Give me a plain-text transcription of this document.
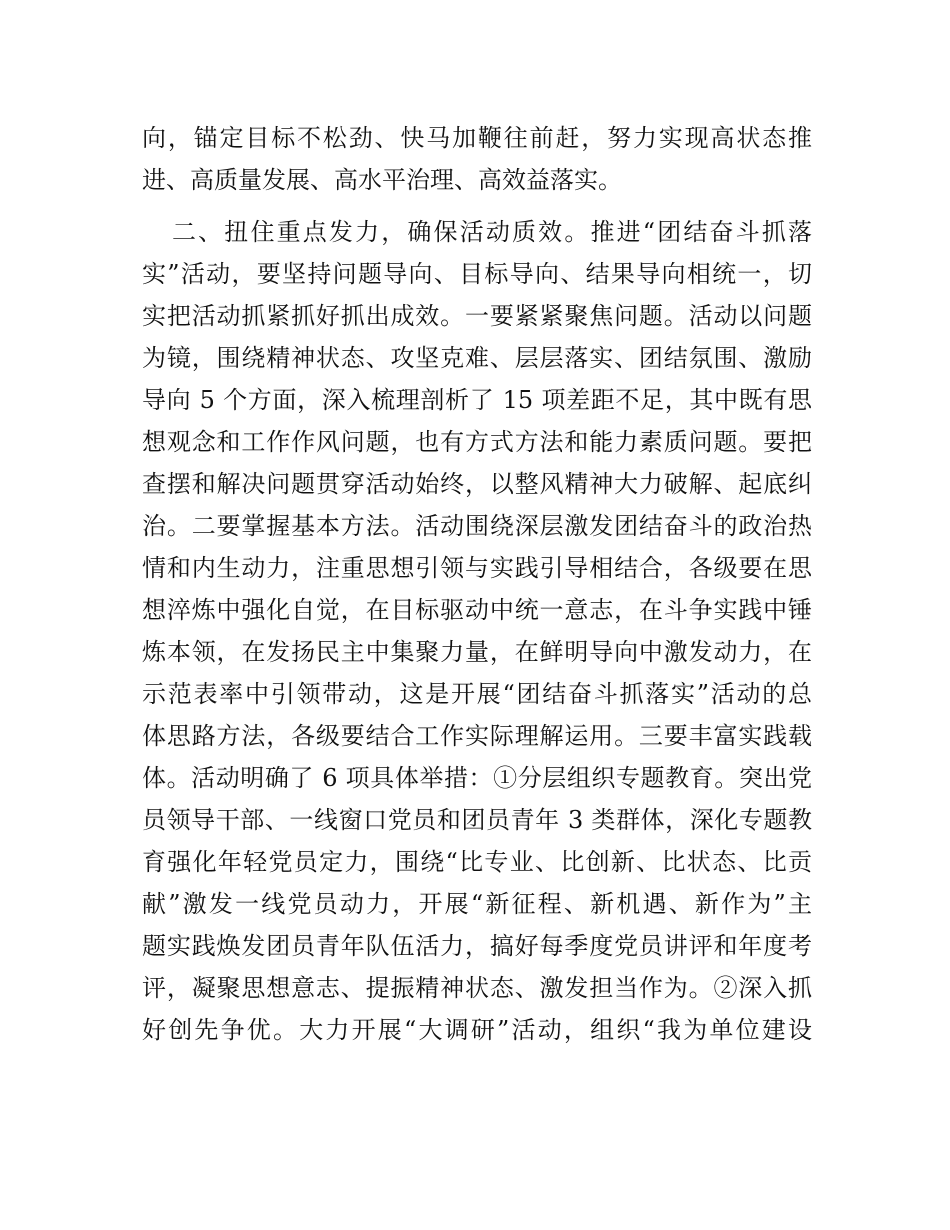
向，锚定目标不松劲、快马加鞭往前赶，努力实现高状态推
进、高质量发展、高水平治理、高效益落实。
二、扭住重点发力，确保活动质效。推进“团结奋斗抓落
实”活动，要坚持问题导向、目标导向、结果导向相统一，切
实把活动抓紧抓好抓出成效。一要紧紧聚焦问题。活动以问题
为镜，围绕精神状态、攻坚克难、层层落实、团结氛围、激励
导向 5 个方面，深入梳理剖析了 15 项差距不足，其中既有思
想观念和工作作风问题，也有方式方法和能力素质问题。要把
查摆和解决问题贯穿活动始终，以整风精神大力破解、起底纠
治。二要掌握基本方法。活动围绕深层激发团结奋斗的政治热
情和内生动力，注重思想引领与实践引导相结合，各级要在思
想淬炼中强化自觉，在目标驱动中统一意志，在斗争实践中锤
炼本领，在发扬民主中集聚力量，在鲜明导向中激发动力，在
示范表率中引领带动，这是开展“团结奋斗抓落实”活动的总
体思路方法，各级要结合工作实际理解运用。三要丰富实践载
体。活动明确了 6 项具体举措：①分层组织专题教育。突出党
员领导干部、一线窗口党员和团员青年 3 类群体，深化专题教
育强化年轻党员定力，围绕“比专业、比创新、比状态、比贡
献”激发一线党员动力，开展“新征程、新机遇、新作为”主
题实践焕发团员青年队伍活力，搞好每季度党员讲评和年度考
评，凝聚思想意志、提振精神状态、激发担当作为。②深入抓
好创先争优。大力开展“大调研”活动，组织“我为单位建设
